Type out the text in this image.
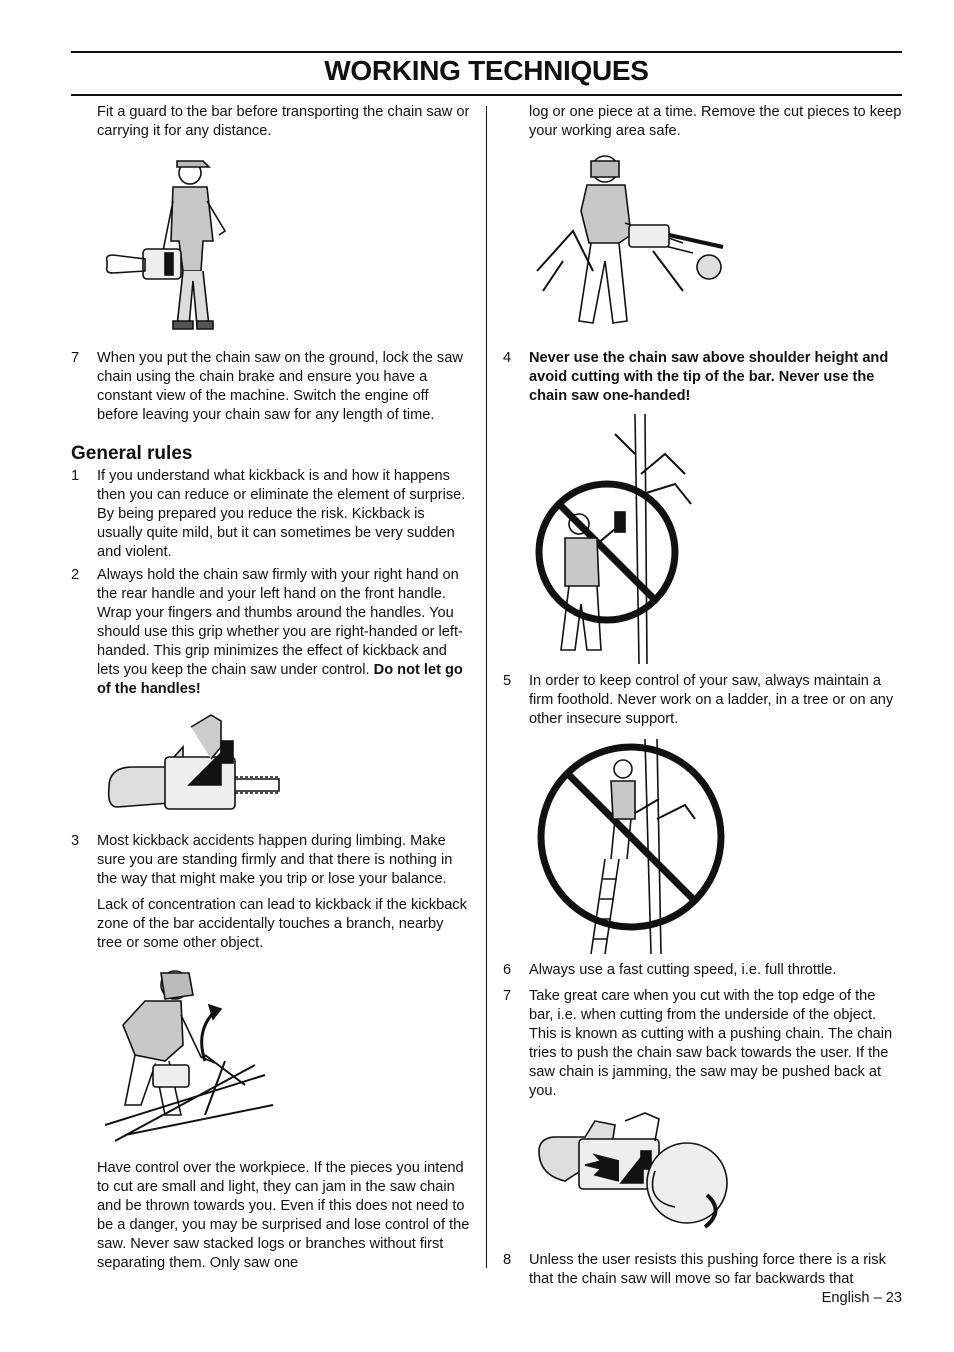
WORKING TECHNIQUES

Fit a guard to the bar before transporting the chain saw or carrying it for any distance.

7 When you put the chain saw on the ground, lock the saw chain using the chain brake and ensure you have a constant view of the machine. Switch the engine off before leaving your chain saw for any length of time.

General rules
1 If you understand what kickback is and how it happens then you can reduce or eliminate the element of surprise. By being prepared you reduce the risk. Kickback is usually quite mild, but it can sometimes be very sudden and violent.

2 Always hold the chain saw firmly with your right hand on the rear handle and your left hand on the front handle. Wrap your fingers and thumbs around the handles. You should use this grip whether you are right-handed or left-handed. This grip minimizes the effect of kickback and lets you keep the chain saw under control. Do not let go of the handles!

3 Most kickback accidents happen during limbing. Make sure you are standing firmly and that there is nothing in the way that might make you trip or lose your balance.

Lack of concentration can lead to kickback if the kickback zone of the bar accidentally touches a branch, nearby tree or some other object.

Have control over the workpiece. If the pieces you intend to cut are small and light, they can jam in the saw chain and be thrown towards you. Even if this does not need to be a danger, you may be surprised and lose control of the saw. Never saw stacked logs or branches without first separating them. Only saw one

log or one piece at a time. Remove the cut pieces to keep your working area safe.

4 Never use the chain saw above shoulder height and avoid cutting with the tip of the bar. Never use the chain saw one-handed!

5 In order to keep control of your saw, always maintain a firm foothold. Never work on a ladder, in a tree or on any other insecure support.

6 Always use a fast cutting speed, i.e. full throttle.

7 Take great care when you cut with the top edge of the bar, i.e. when cutting from the underside of the object. This is known as cutting with a pushing chain. The chain tries to push the chain saw back towards the user. If the saw chain is jamming, the saw may be pushed back at you.

8 Unless the user resists this pushing force there is a risk that the chain saw will move so far backwards that

English – 23
